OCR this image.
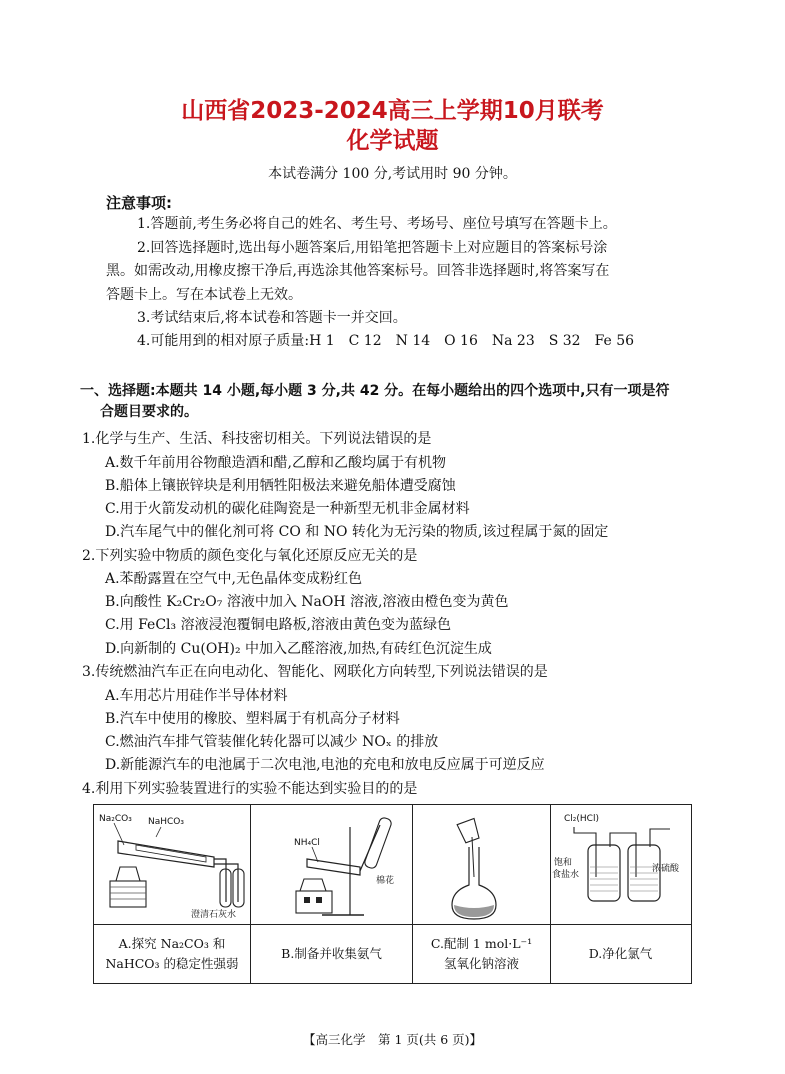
山西省2023-2024高三上学期10月联考
化学试题
本试卷满分 100 分,考试用时 90 分钟。
注意事项:
1.答题前,考生务必将自己的姓名、考生号、考场号、座位号填写在答题卡上。
2.回答选择题时,选出每小题答案后,用铅笔把答题卡上对应题目的答案标号涂
黑。如需改动,用橡皮擦干净后,再选涂其他答案标号。回答非选择题时,将答案写在
答题卡上。写在本试卷上无效。
3.考试结束后,将本试卷和答题卡一并交回。
4.可能用到的相对原子质量:H 1　C 12　N 14　O 16　Na 23　S 32　Fe 56
一、选择题:本题共 14 小题,每小题 3 分,共 42 分。在每小题给出的四个选项中,只有一项是符
合题目要求的。
1.化学与生产、生活、科技密切相关。下列说法错误的是
A.数千年前用谷物酿造酒和醋,乙醇和乙酸均属于有机物
B.船体上镶嵌锌块是利用牺牲阳极法来避免船体遭受腐蚀
C.用于火箭发动机的碳化硅陶瓷是一种新型无机非金属材料
D.汽车尾气中的催化剂可将 CO 和 NO 转化为无污染的物质,该过程属于氮的固定
2.下列实验中物质的颜色变化与氧化还原反应无关的是
A.苯酚露置在空气中,无色晶体变成粉红色
B.向酸性 K₂Cr₂O₇ 溶液中加入 NaOH 溶液,溶液由橙色变为黄色
C.用 FeCl₃ 溶液浸泡覆铜电路板,溶液由黄色变为蓝绿色
D.向新制的 Cu(OH)₂ 中加入乙醛溶液,加热,有砖红色沉淀生成
3.传统燃油汽车正在向电动化、智能化、网联化方向转型,下列说法错误的是
A.车用芯片用硅作半导体材料
B.汽车中使用的橡胶、塑料属于有机高分子材料
C.燃油汽车排气管装催化转化器可以减少 NOₓ 的排放
D.新能源汽车的电池属于二次电池,电池的充电和放电反应属于可逆反应
4.利用下列实验装置进行的实验不能达到实验目的的是
Na₂CO₃ NaHCO₃
澄清石灰水
NH₄Cl
棉花
Cl₂(HCl)
饱和
食盐水
浓硫酸
A.探究 Na₂CO₃ 和
NaHCO₃ 的稳定性强弱
B.制备并收集氨气
C.配制 1 mol·L⁻¹
氢氧化钠溶液
D.净化氯气
【高三化学　第 1 页(共 6 页)】
